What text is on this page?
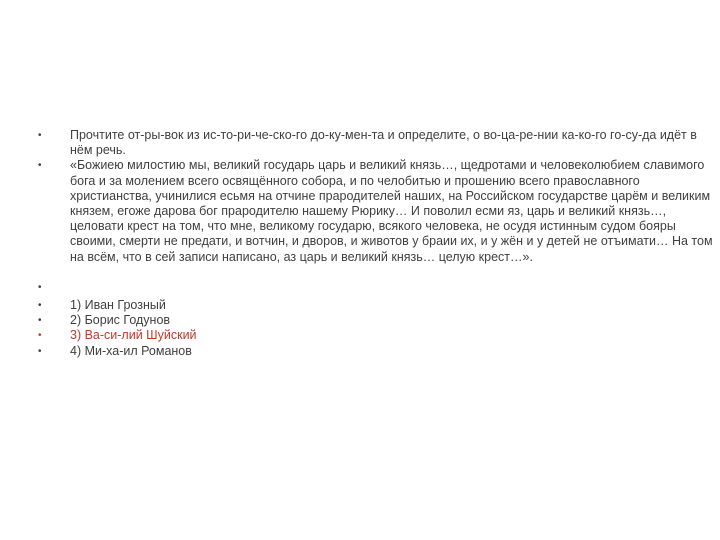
•	Прочтите от-ры-вок из ис-то-ри-че-ско-го до-ку-мен-та и определите, о во-ца-ре-нии ка-ко-го го-су-да идёт в нём речь.
•	«Божиею милостию мы, великий государь царь и великий князь…, щедротами и человеколюбием славимого бога и за молением всего освящённого собора, и по челобитью и прошению всего православного христианства, учинилися есьмя на отчине прародителей наших, на Российском государстве царём и великим князем, егоже дарова бог прародителю нашему Рюрику… И поволил есми яз, царь и великий князь…, целовати крест на том, что мне, великому государю, всякого человека, не осудя истинным судом бояры своими, смерти не предати, и вотчин, и дворов, и животов у брaии их, и у жён и у детей не отъимати… На том на всём, что в сей записи написано, аз царь и великий князь… целую крест…».
•
•	1) Иван Грозный
•	2) Борис Годунов
•	3) Ва-си-лий Шуйский
•	4) Ми-ха-ил Романов
